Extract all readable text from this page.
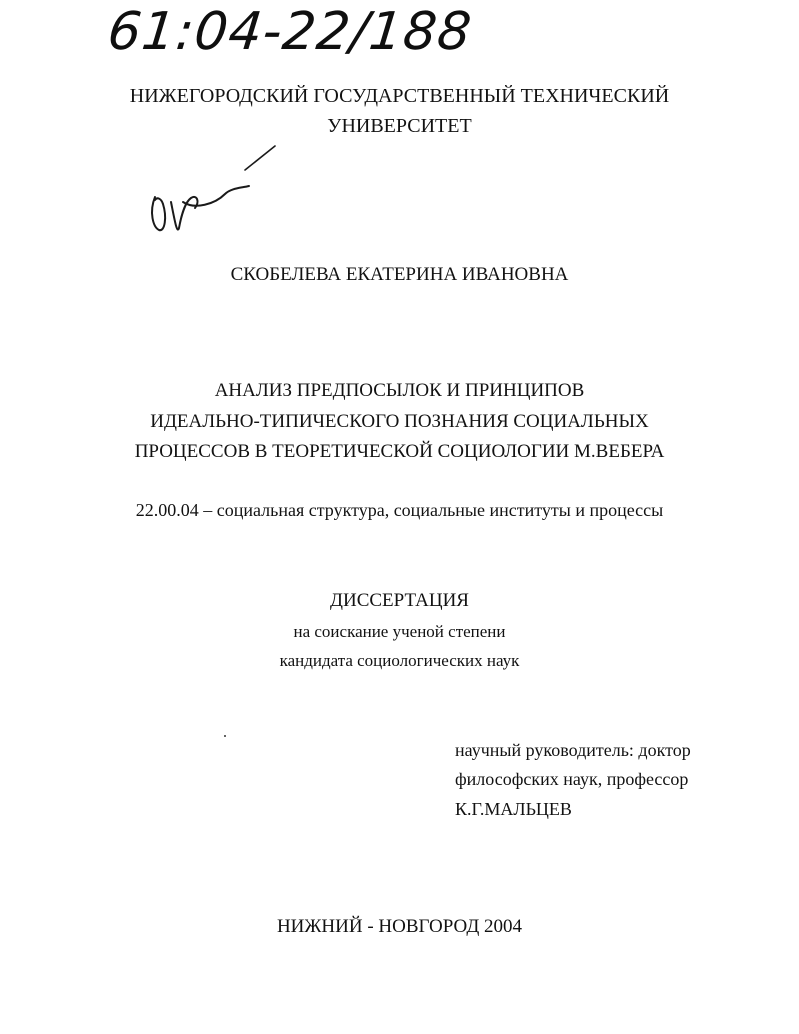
61:04-22/188
НИЖЕГОРОДСКИЙ ГОСУДАРСТВЕННЫЙ ТЕХНИЧЕСКИЙ
УНИВЕРСИТЕТ
СКОБЕЛЕВА ЕКАТЕРИНА ИВАНОВНА
АНАЛИЗ ПРЕДПОСЫЛОК И ПРИНЦИПОВ
ИДЕАЛЬНО-ТИПИЧЕСКОГО ПОЗНАНИЯ СОЦИАЛЬНЫХ
ПРОЦЕССОВ В ТЕОРЕТИЧЕСКОЙ СОЦИОЛОГИИ М.ВЕБЕРА
22.00.04 – социальная структура, социальные институты и процессы
ДИССЕРТАЦИЯ
на соискание ученой степени
кандидата социологических наук
научный руководитель: доктор
философских наук, профессор
К.Г.МАЛЬЦЕВ
НИЖНИЙ - НОВГОРОД 2004
